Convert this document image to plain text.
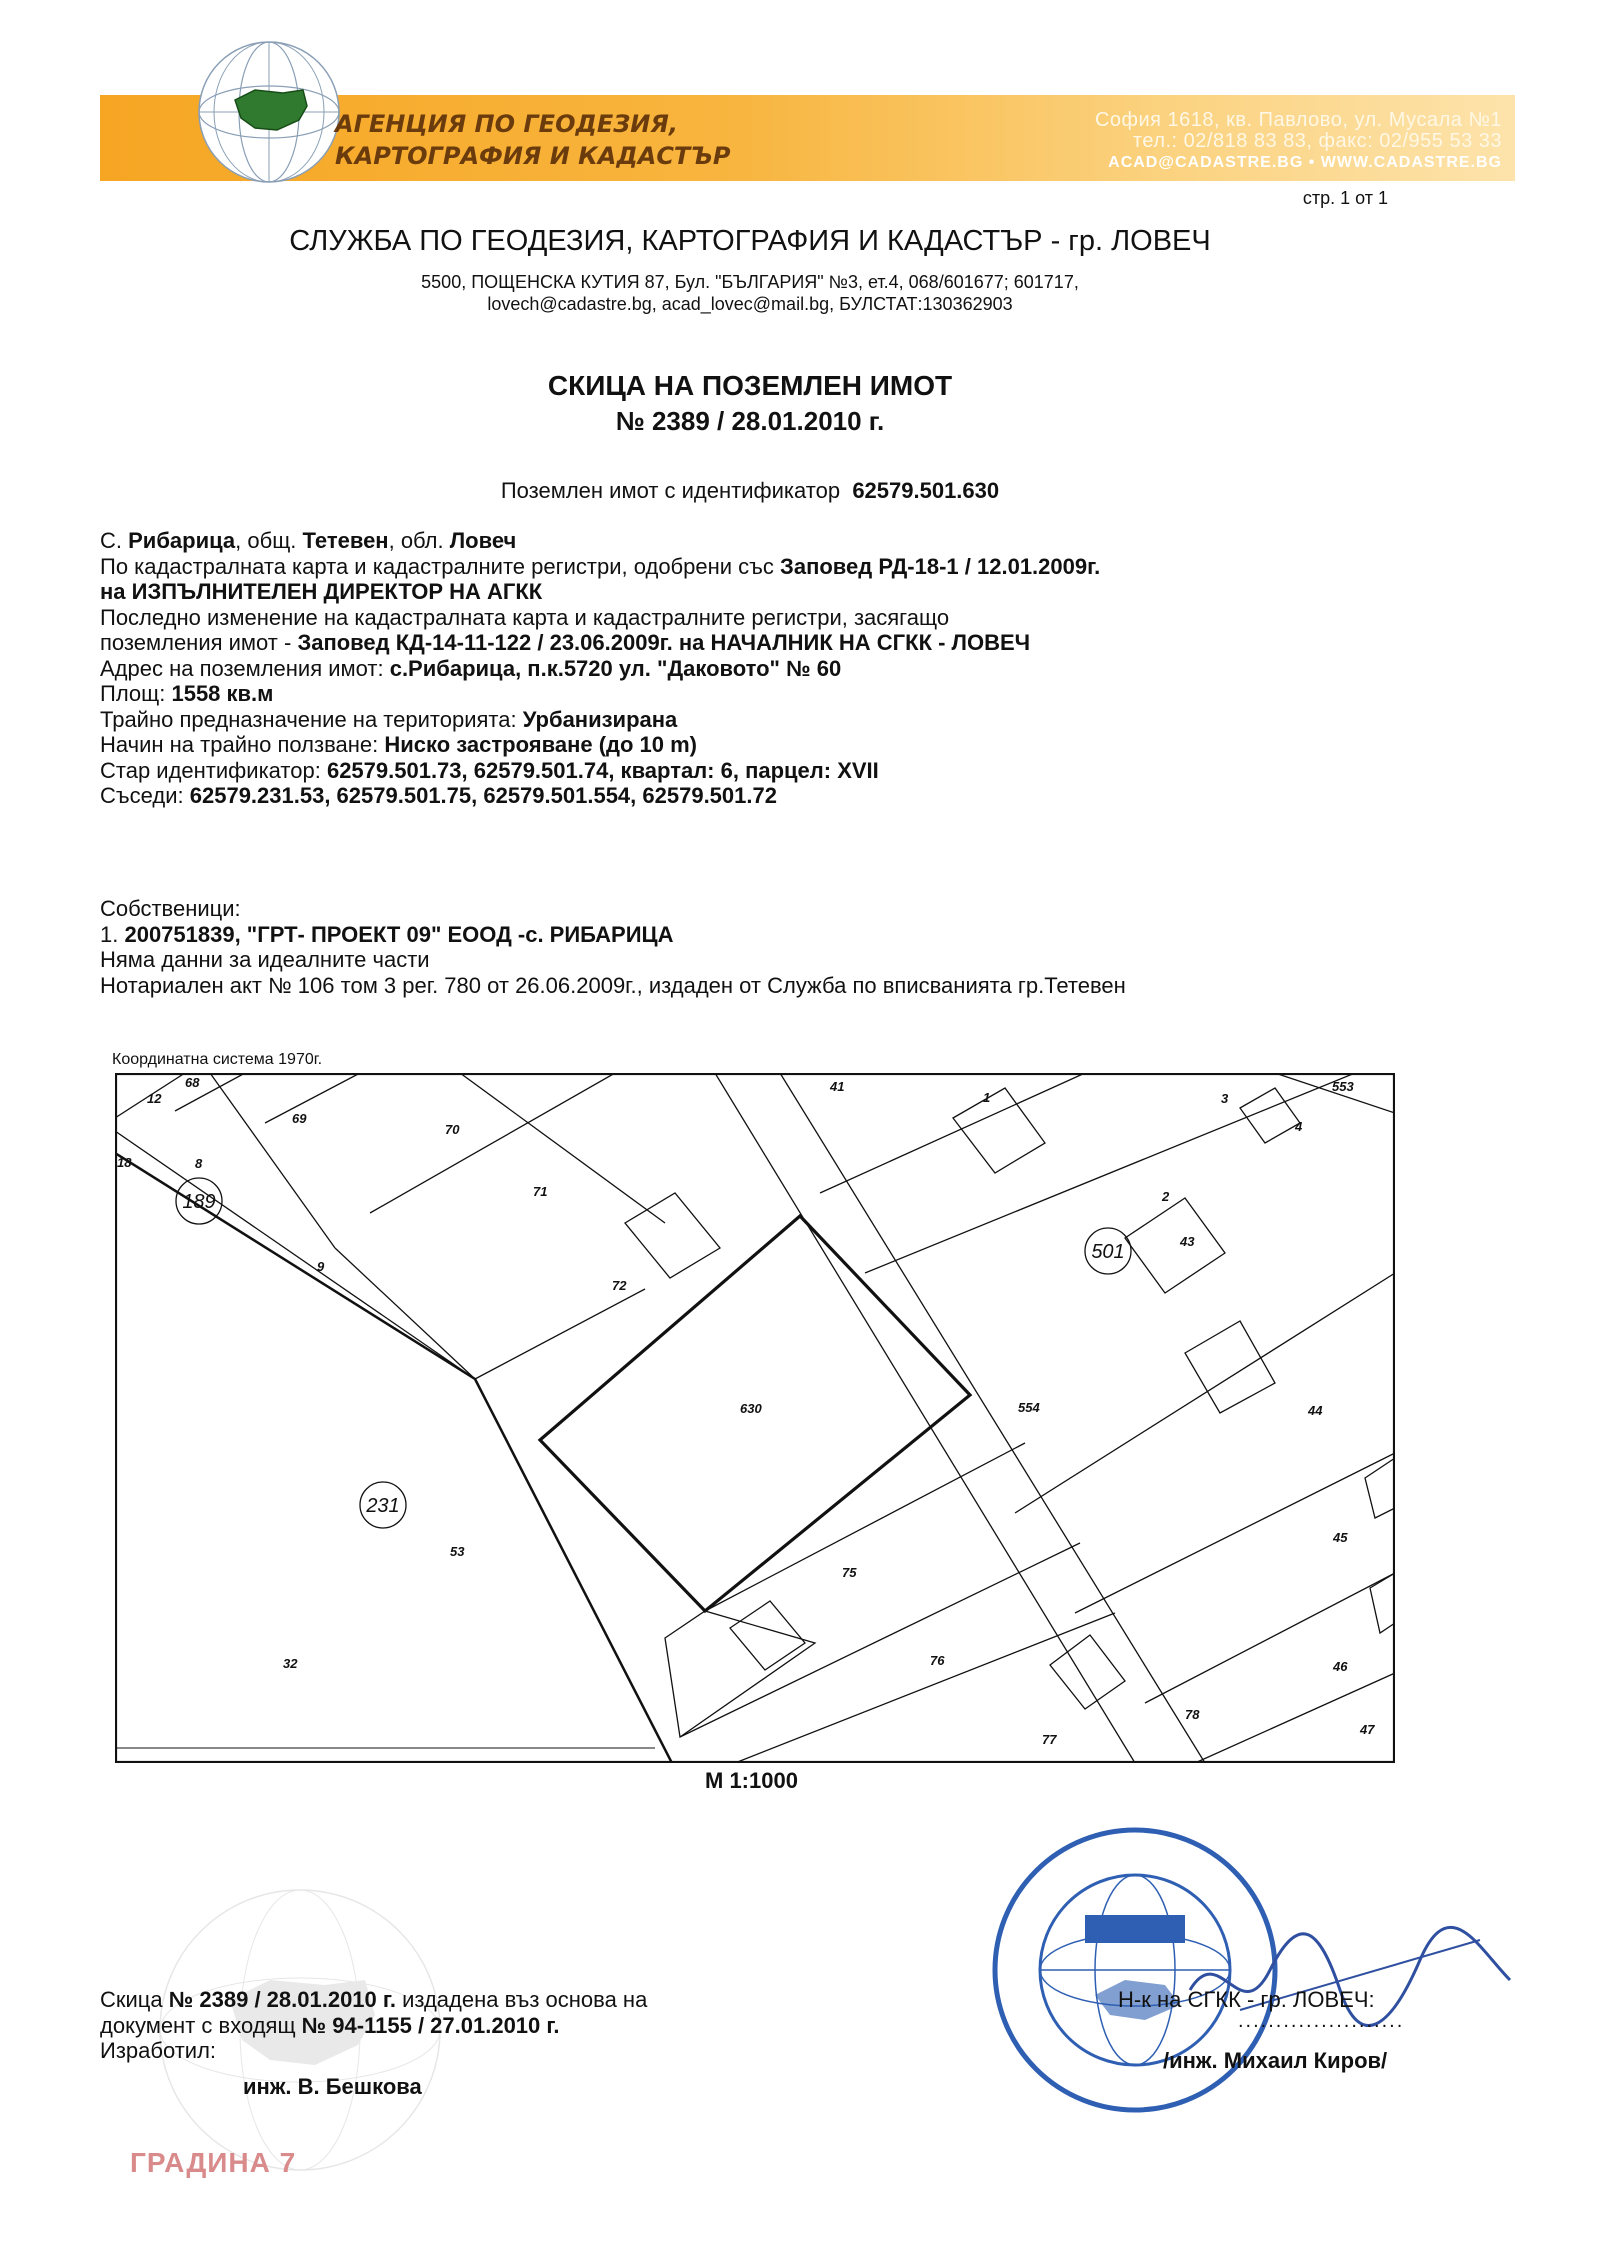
АГЕНЦИЯ ПО ГЕОДЕЗИЯ,
КАРТОГРАФИЯ И КАДАСТЪР
София 1618, кв. Павлово, ул. Мусала №1
тел.: 02/818 83 83, факс: 02/955 53 33
ACAD@CADASTRE.BG • WWW.CADASTRE.BG
стр. 1 от 1
СЛУЖБА ПО ГЕОДЕЗИЯ, КАРТОГРАФИЯ И КАДАСТЪР - гр. ЛОВЕЧ
5500, ПОЩЕНСКА КУТИЯ 87, Бул. "БЪЛГАРИЯ" №3, ет.4, 068/601677; 601717,
lovech@cadastre.bg, acad_lovec@mail.bg, БУЛСТАТ:130362903
СКИЦА НА ПОЗЕМЛЕН ИМОТ
№ 2389 / 28.01.2010 г.
Поземлен имот с идентификатор 62579.501.630
С. Рибарица, общ. Тетевен, обл. Ловеч
По кадастралната карта и кадастралните регистри, одобрени със Заповед РД-18-1 / 12.01.2009г.
на ИЗПЪЛНИТЕЛЕН ДИРЕКТОР НА АГКК
Последно изменение на кадастралната карта и кадастралните регистри, засягащо
поземления имот - Заповед КД-14-11-122 / 23.06.2009г. на НАЧАЛНИК НА СГКК - ЛОВЕЧ
Адрес на поземления имот: с.Рибарица, п.к.5720 ул. "Даковото" № 60
Площ: 1558 кв.м
Трайно предназначение на територията: Урбанизирана
Начин на трайно ползване: Ниско застрояване (до 10 m)
Стар идентификатор: 62579.501.73, 62579.501.74, квартал: 6, парцел: XVII
Съседи: 62579.231.53, 62579.501.75, 62579.501.554, 62579.501.72
Собственици:
1. 200751839, "ГРТ- ПРОЕКТ 09" ЕООД -с. РИБАРИЦА
Няма данни за идеалните части
Нотариален акт № 106 том 3 рег. 780 от 26.06.2009г., издаден от Служба по вписванията гр.Тетевен
Координатна система 1970г.
12
68
69
70
71
72
8
18
9
630
53
32
75
76
77
78
41
554
43
44
45
46
47
553
1	3
2
4
189
231
501
М 1:1000
Скица № 2389 / 28.01.2010 г. издадена въз основа на
документ с входящ № 94-1155 / 27.01.2010 г.
Изработил:
инж. В. Бешкова
Н-к на СГКК - гр. ЛОВЕЧ:
......................
/инж. Михаил Киров/
ГРАДИНА 7
